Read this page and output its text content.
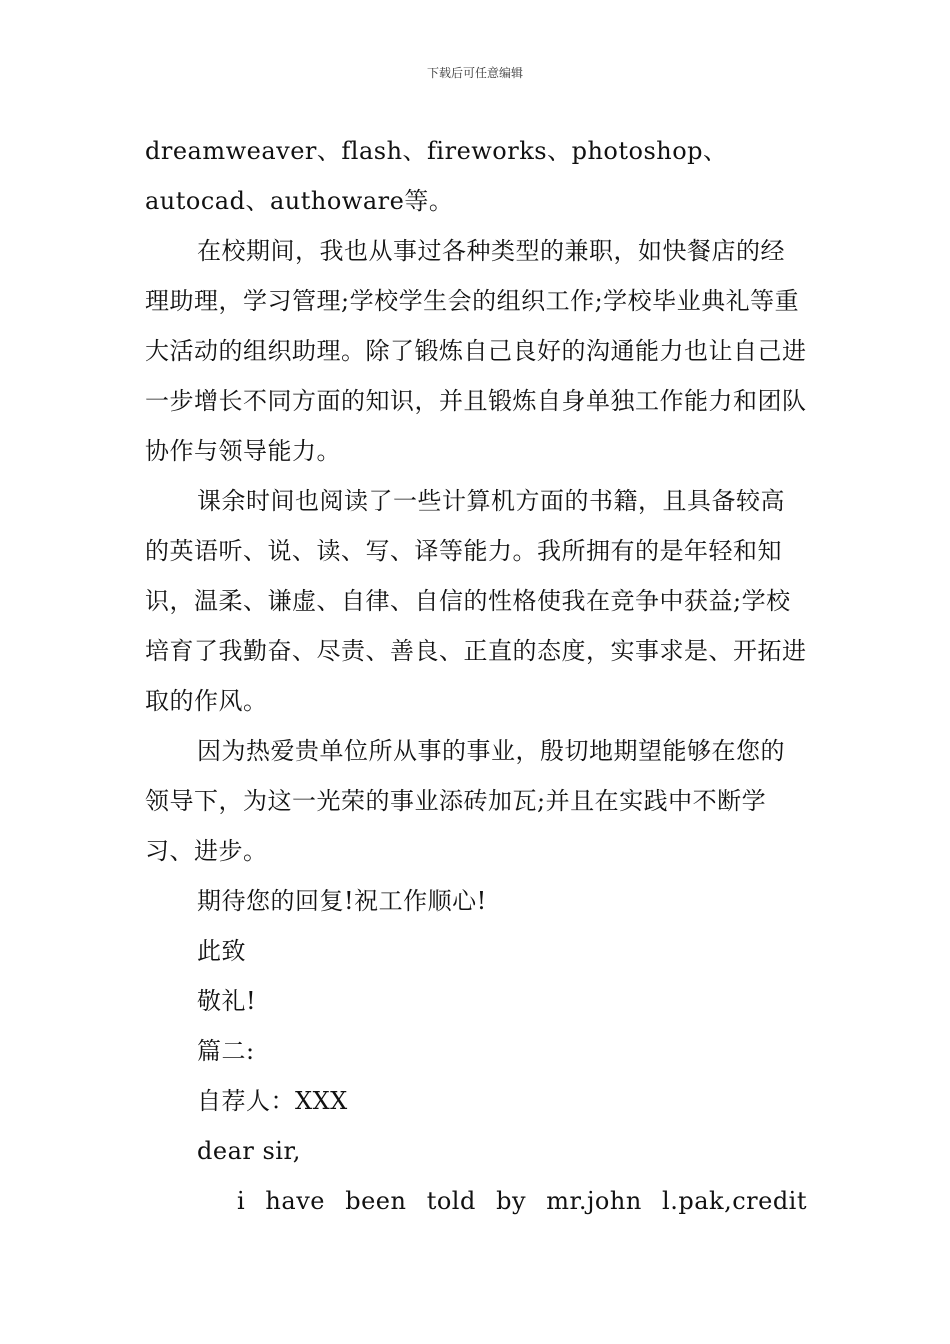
下载后可任意编辑

dreamweaver、flash、fireworks、photoshop、autocad、authoware等。

在校期间，我也从事过各种类型的兼职，如快餐店的经理助理，学习管理;学校学生会的组织工作;学校毕业典礼等重大活动的组织助理。除了锻炼自己良好的沟通能力也让自己进一步增长不同方面的知识，并且锻炼自身单独工作能力和团队协作与领导能力。

课余时间也阅读了一些计算机方面的书籍，且具备较高的英语听、说、读、写、译等能力。我所拥有的是年轻和知识，温柔、谦虚、自律、自信的性格使我在竞争中获益;学校培育了我勤奋、尽责、善良、正直的态度，实事求是、开拓进取的作风。

因为热爱贵单位所从事的事业，殷切地期望能够在您的领导下，为这一光荣的事业添砖加瓦;并且在实践中不断学习、进步。

期待您的回复!祝工作顺心!

此致

敬礼!

篇二:

自荐人：XXX

dear sir,

i have been told by mr.john l.pak,credit
